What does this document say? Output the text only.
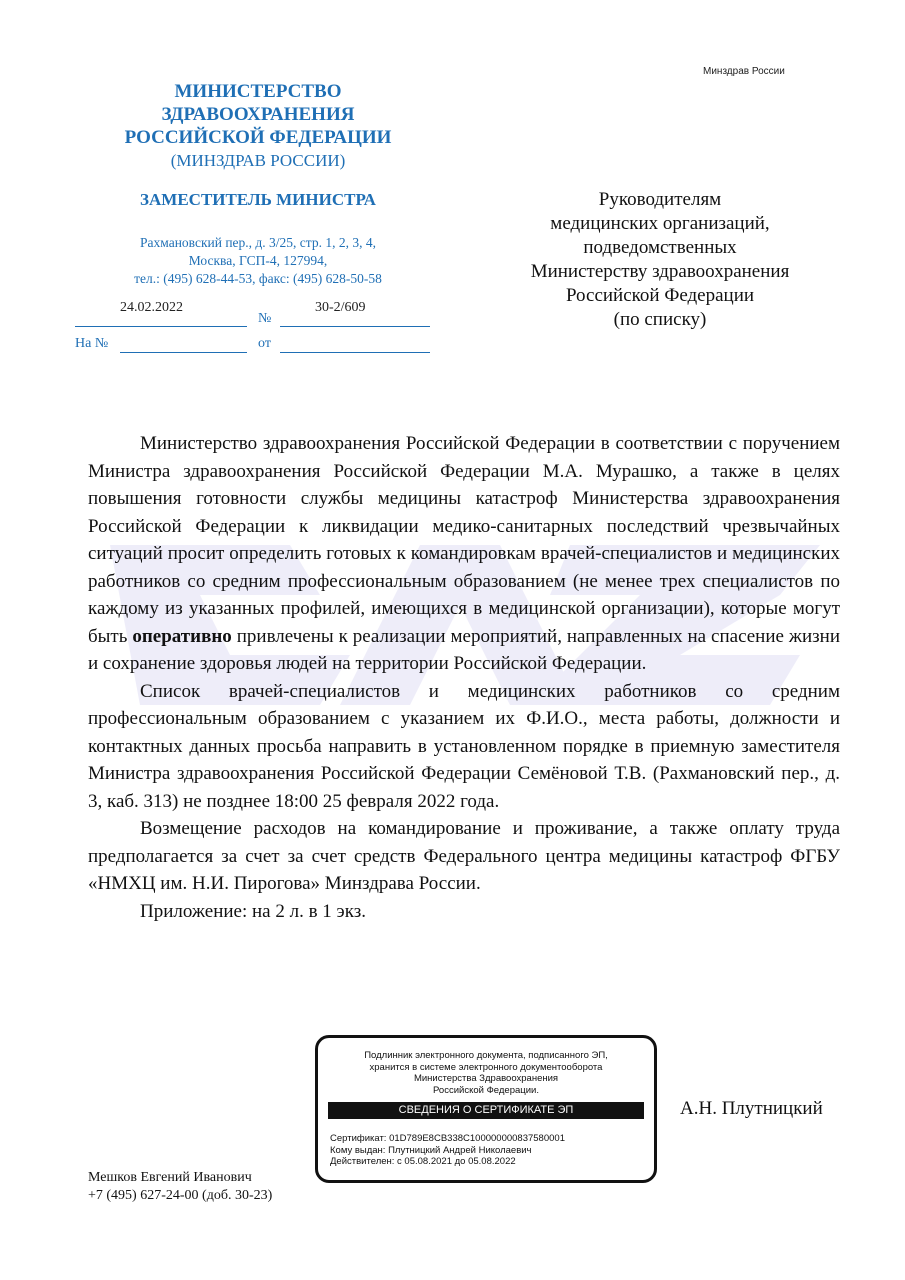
Минздрав России
МИНИСТЕРСТВО
ЗДРАВООХРАНЕНИЯ
РОССИЙСКОЙ ФЕДЕРАЦИИ
(МИНЗДРАВ РОССИИ)
ЗАМЕСТИТЕЛЬ МИНИСТРА
Рахмановский пер., д. 3/25, стр. 1, 2, 3, 4,
Москва, ГСП-4, 127994,
тел.: (495) 628-44-53, факс: (495) 628-50-58
24.02.2022
№
30-2/609
На №	от
Руководителям
медицинских организаций,
подведомственных
Министерству здравоохранения
Российской Федерации
(по списку)

Министерство здравоохранения Российской Федерации в соответствии с поручением Министра здравоохранения Российской Федерации М.А. Мурашко, а также в целях повышения готовности службы медицины катастроф Министерства здравоохранения Российской Федерации к ликвидации медико-санитарных последствий чрезвычайных ситуаций просит определить готовых к командировкам врачей-специалистов и медицинских работников со средним профессиональным образованием (не менее трех специалистов по каждому из указанных профилей, имеющихся в медицинской организации), которые могут быть оперативно привлечены к реализации мероприятий, направленных на спасение жизни и сохранение здоровья людей на территории Российской Федерации.

Список врачей-специалистов и медицинских работников со средним профессиональным образованием с указанием их Ф.И.О., места работы, должности и контактных данных просьба направить в установленном порядке в приемную заместителя Министра здравоохранения Российской Федерации Семёновой Т.В. (Рахмановский пер., д. 3, каб. 313) не позднее 18:00 25 февраля 2022 года.

Возмещение расходов на командирование и проживание, а также оплату труда предполагается за счет за счет средств Федерального центра медицины катастроф ФГБУ «НМХЦ им. Н.И. Пирогова» Минздрава России.

Приложение: на 2 л. в 1 экз.

Подлинник электронного документа, подписанного ЭП,
хранится в системе электронного документооборота
Министерства Здравоохранения
Российской Федерации.
СВЕДЕНИЯ О СЕРТИФИКАТЕ ЭП
Сертификат: 01D789E8CB338C100000000837580001
Кому выдан: Плутницкий Андрей Николаевич
Действителен: с 05.08.2021 до 05.08.2022
А.Н. Плутницкий
Мешков Евгений Иванович
+7 (495) 627-24-00 (доб. 30-23)
